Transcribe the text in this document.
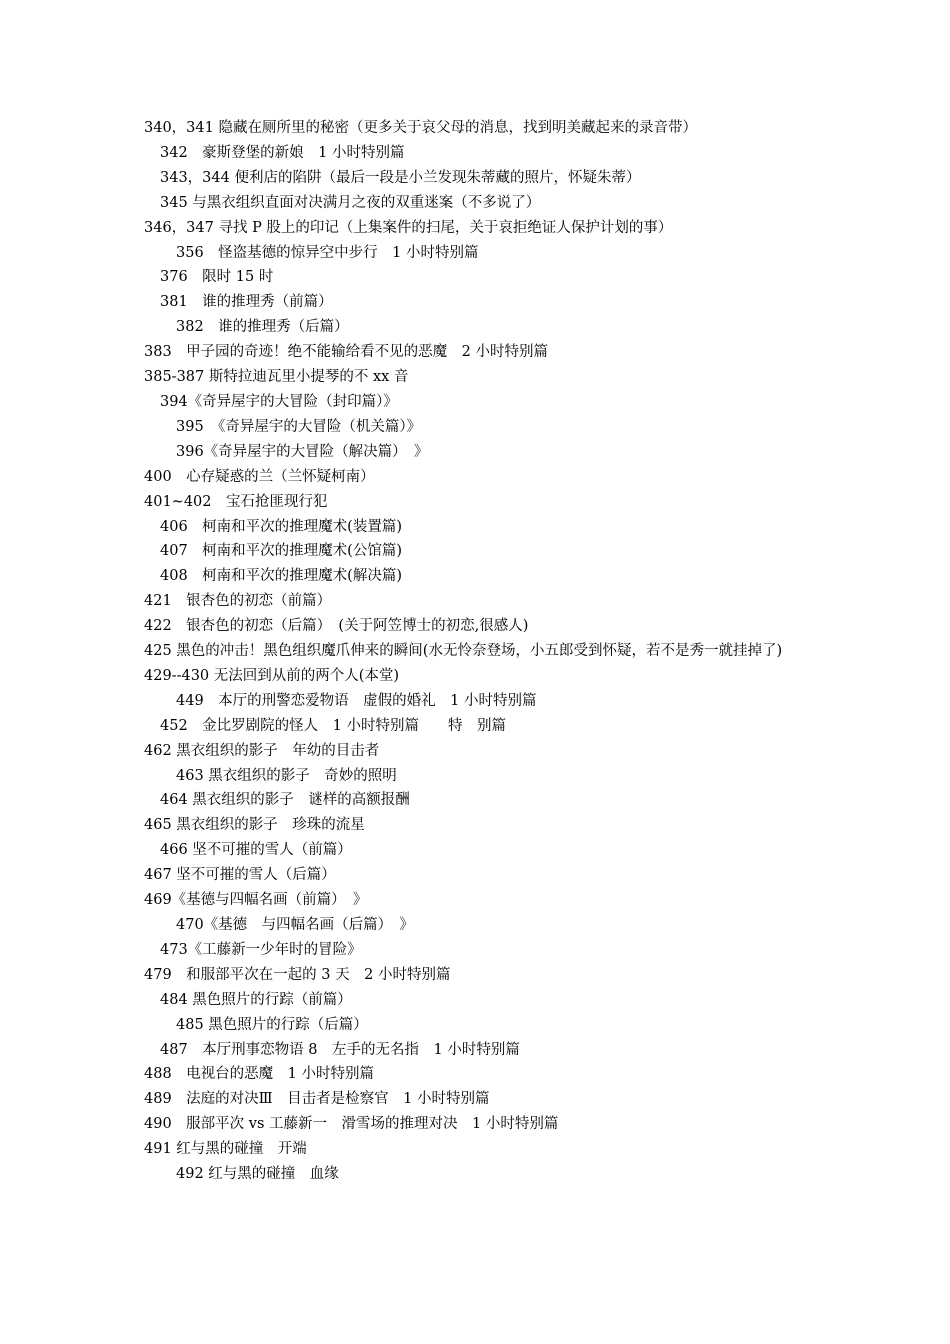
340，341 隐藏在厕所里的秘密（更多关于哀父母的消息，找到明美藏起来的录音带）
342　豪斯登堡的新娘　1 小时特别篇
343，344 便利店的陷阱（最后一段是小兰发现朱蒂藏的照片，怀疑朱蒂）
345 与黑衣组织直面对决满月之夜的双重迷案（不多说了）
346，347 寻找 P 股上的印记（上集案件的扫尾，关于哀拒绝证人保护计划的事）
356　怪盗基德的惊异空中步行　1 小时特别篇
376　限时 15 时
381　谁的推理秀（前篇）
382　谁的推理秀（后篇）
383　甲子园的奇迹！绝不能输给看不见的恶魔　2 小时特别篇
385-387 斯特拉迪瓦里小提琴的不 xx 音
394《奇异屋宇的大冒险（封印篇）》
395　《奇异屋宇的大冒险（机关篇）》
396《奇异屋宇的大冒险（解决篇）　》
400　心存疑惑的兰（兰怀疑柯南）
401~402　宝石抢匪现行犯
406　柯南和平次的推理魔术(装置篇)
407　柯南和平次的推理魔术(公馆篇)
408　柯南和平次的推理魔术(解决篇)
421　银杏色的初恋（前篇）
422　银杏色的初恋（后篇）　(关于阿笠博士的初恋,很感人)
425 黑色的冲击！黑色组织魔爪伸来的瞬间(水无怜奈登场，小五郎受到怀疑，若不是秀一就挂掉了)
429--430 无法回到从前的两个人(本堂)
449　本厅的刑警恋爱物语　虚假的婚礼　1 小时特别篇
452　金比罗剧院的怪人　1 小时特别篇　　特　别篇
462 黑衣组织的影子　年幼的目击者
463 黑衣组织的影子　奇妙的照明
464 黑衣组织的影子　谜样的高额报酬
465 黑衣组织的影子　珍珠的流星
466 坚不可摧的雪人（前篇）
467 坚不可摧的雪人（后篇）
469《基德与四幅名画（前篇）　》
470《基德　与四幅名画（后篇）　》
473《工藤新一少年时的冒险》
479　和服部平次在一起的 3 天　2 小时特别篇
484 黑色照片的行踪（前篇）
485 黑色照片的行踪（后篇）
487　本厅刑事恋物语 8　左手的无名指　1 小时特别篇
488　电视台的恶魔　1 小时特别篇
489　法庭的对决Ⅲ　目击者是检察官　1 小时特别篇
490　服部平次 vs 工藤新一　滑雪场的推理对决　1 小时特别篇
491 红与黑的碰撞　开端
492 红与黑的碰撞　血缘
